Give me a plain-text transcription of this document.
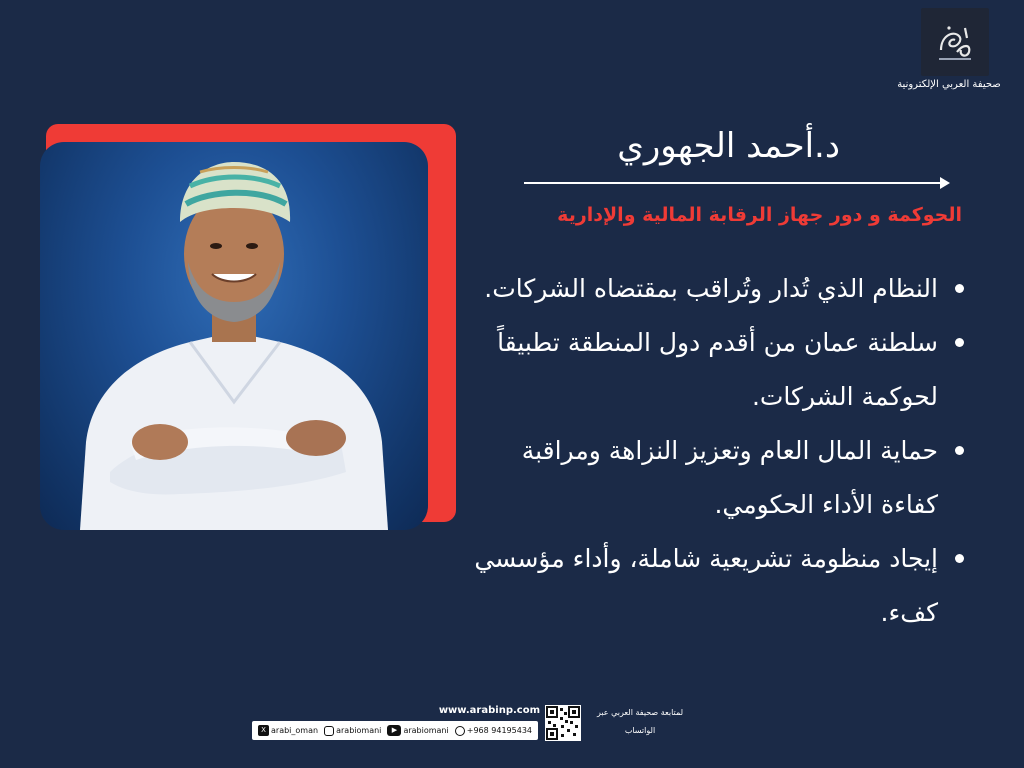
صحيفة العربي الإلكترونية
د.أحمد الجهوري
الحوكمة و دور جهاز الرقابة المالية والإدارية
النظام الذي تُدار وتُراقب بمقتضاه الشركات.
سلطنة عمان من أقدم دول المنطقة تطبيقاً لحوكمة الشركات.
حماية المال العام وتعزيز النزاهة ومراقبة كفاءة الأداء الحكومي.
إيجاد منظومة تشريعية شاملة، وأداء مؤسسي كفء.
www.arabinp.com
X arabi_oman arabiomani	▶ arabiomani +968 94195434
لمتابعة صحيفة العربي عبر الواتساب
